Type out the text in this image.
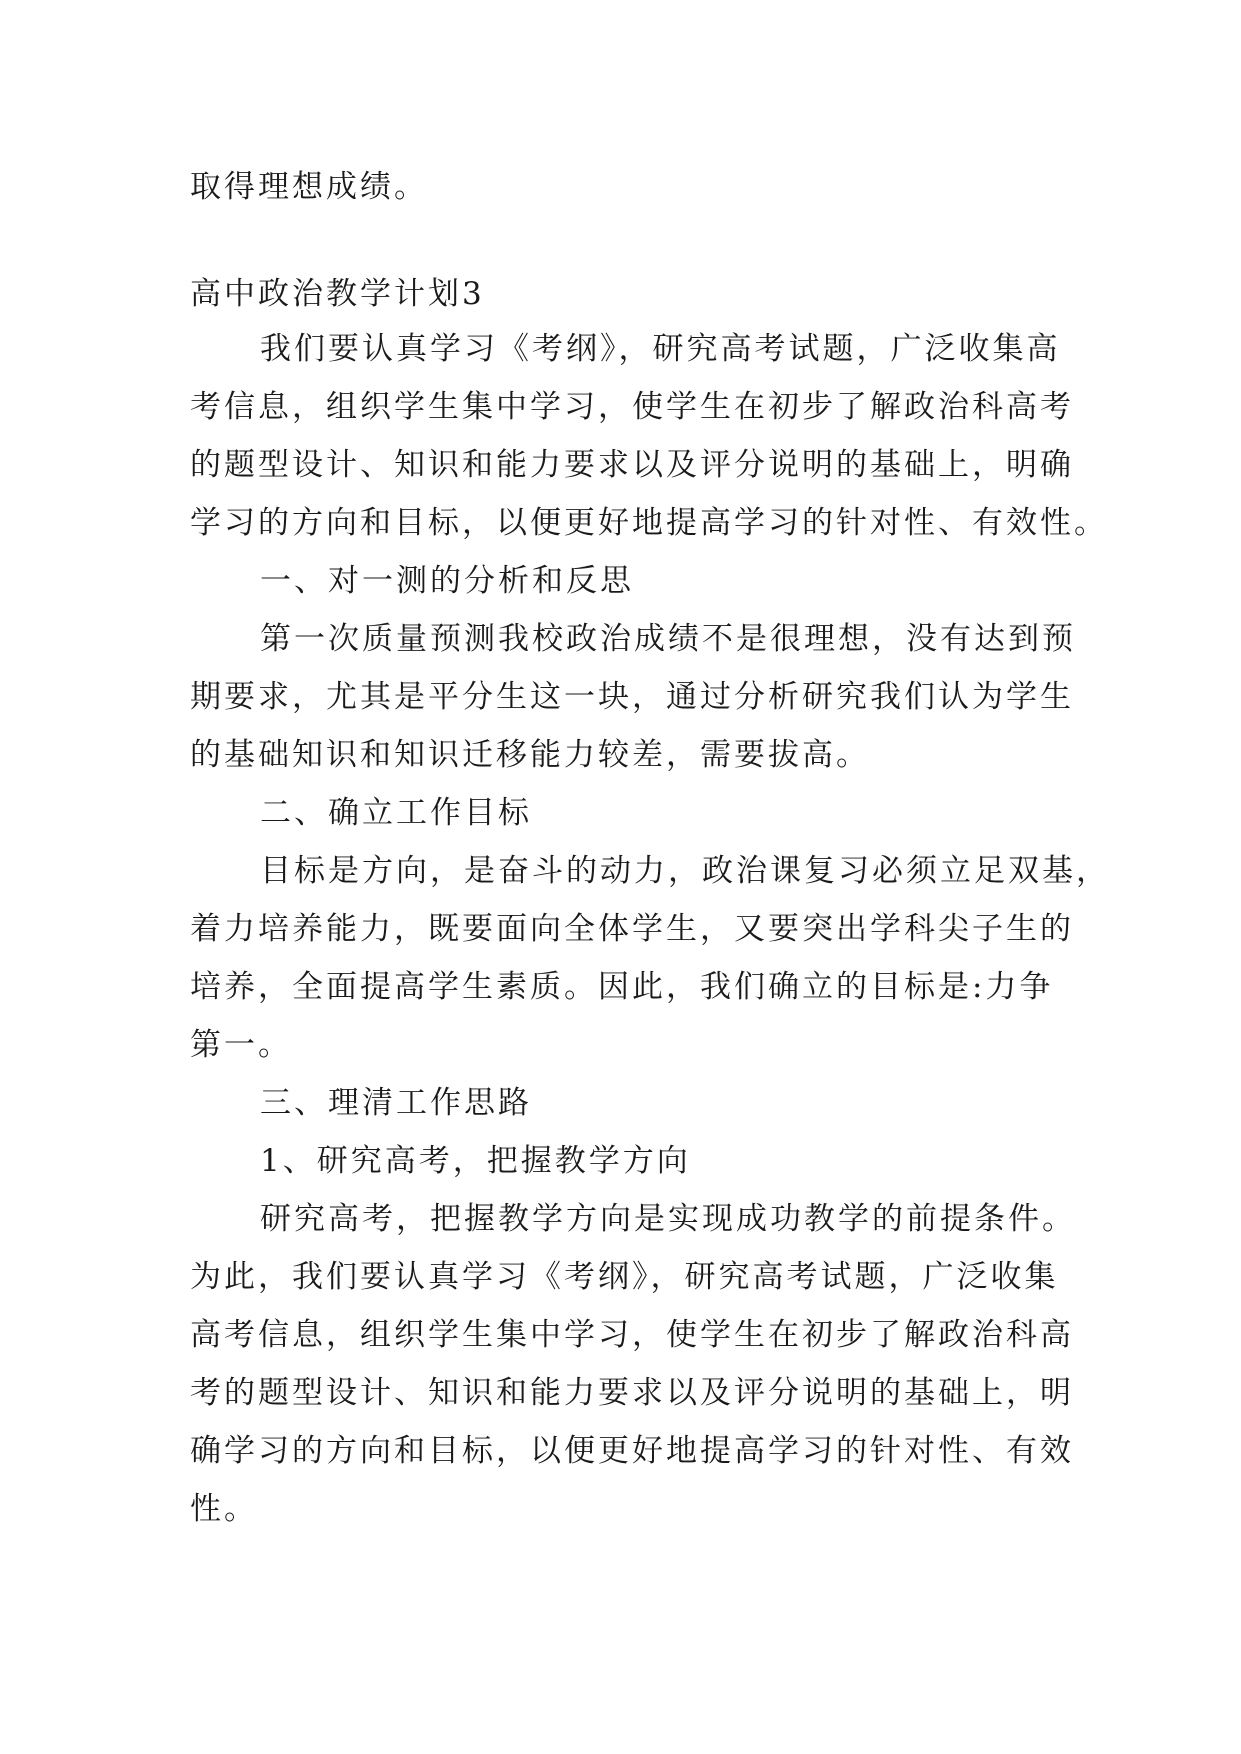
取得理想成绩。

高中政治教学计划3

我们要认真学习《考纲》，研究高考试题，广泛收集高

考信息，组织学生集中学习，使学生在初步了解政治科高考

的题型设计、知识和能力要求以及评分说明的基础上，明确

学习的方向和目标，以便更好地提高学习的针对性、有效性。

一、对一测的分析和反思

第一次质量预测我校政治成绩不是很理想，没有达到预

期要求，尤其是平分生这一块，通过分析研究我们认为学生

的基础知识和知识迁移能力较差，需要拔高。

二、确立工作目标

目标是方向，是奋斗的动力，政治课复习必须立足双基，

着力培养能力，既要面向全体学生，又要突出学科尖子生的

培养，全面提高学生素质。因此，我们确立的目标是:力争

第一。

三、理清工作思路

1、研究高考，把握教学方向

研究高考，把握教学方向是实现成功教学的前提条件。

为此，我们要认真学习《考纲》，研究高考试题，广泛收集

高考信息，组织学生集中学习，使学生在初步了解政治科高

考的题型设计、知识和能力要求以及评分说明的基础上，明

确学习的方向和目标，以便更好地提高学习的针对性、有效

性。
